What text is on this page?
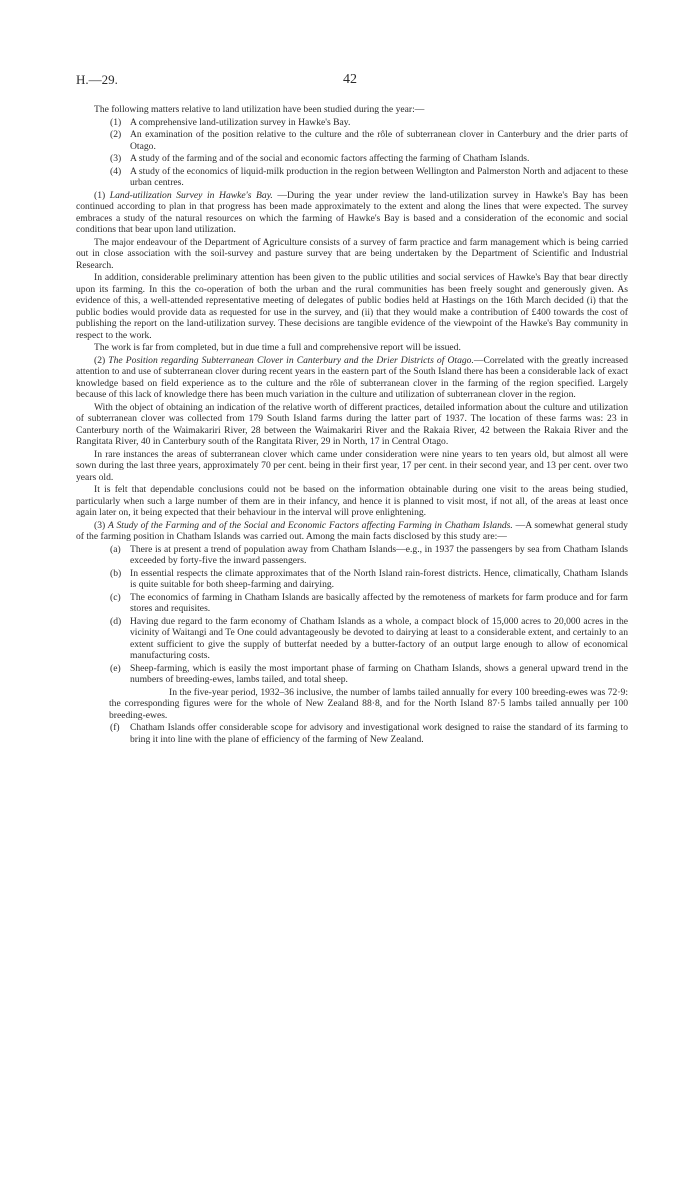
H.—29.	42

The following matters relative to land utilization have been studied during the year:—

(1) A comprehensive land-utilization survey in Hawke's Bay.
(2) An examination of the position relative to the culture and the rôle of subterranean clover in Canterbury and the drier parts of Otago.
(3) A study of the farming and of the social and economic factors affecting the farming of Chatham Islands.
(4) A study of the economics of liquid-milk production in the region between Wellington and Palmerston North and adjacent to these urban centres.

(1) Land-utilization Survey in Hawke's Bay. —During the year under review the land-utilization survey in Hawke's Bay has been continued according to plan in that progress has been made approximately to the extent and along the lines that were expected. The survey embraces a study of the natural resources on which the farming of Hawke's Bay is based and a consideration of the economic and social conditions that bear upon land utilization.

The major endeavour of the Department of Agriculture consists of a survey of farm practice and farm management which is being carried out in close association with the soil-survey and pasture survey that are being undertaken by the Department of Scientific and Industrial Research.

In addition, considerable preliminary attention has been given to the public utilities and social services of Hawke's Bay that bear directly upon its farming. In this the co-operation of both the urban and the rural communities has been freely sought and generously given. As evidence of this, a well-attended representative meeting of delegates of public bodies held at Hastings on the 16th March decided (i) that the public bodies would provide data as requested for use in the survey, and (ii) that they would make a contribution of £400 towards the cost of publishing the report on the land-utilization survey. These decisions are tangible evidence of the viewpoint of the Hawke's Bay community in respect to the work.

The work is far from completed, but in due time a full and comprehensive report will be issued.

(2) The Position regarding Subterranean Clover in Canterbury and the Drier Districts of Otago.—Correlated with the greatly increased attention to and use of subterranean clover during recent years in the eastern part of the South Island there has been a considerable lack of exact knowledge based on field experience as to the culture and the rôle of subterranean clover in the farming of the region specified. Largely because of this lack of knowledge there has been much variation in the culture and utilization of subterranean clover in the region.

With the object of obtaining an indication of the relative worth of different practices, detailed information about the culture and utilization of subterranean clover was collected from 179 South Island farms during the latter part of 1937. The location of these farms was: 23 in Canterbury north of the Waimakariri River, 28 between the Waimakariri River and the Rakaia River, 42 between the Rakaia River and the Rangitata River, 40 in Canterbury south of the Rangitata River, 29 in North, 17 in Central Otago.

In rare instances the areas of subterranean clover which came under consideration were nine years to ten years old, but almost all were sown during the last three years, approximately 70 per cent. being in their first year, 17 per cent. in their second year, and 13 per cent. over two years old.

It is felt that dependable conclusions could not be based on the information obtainable during one visit to the areas being studied, particularly when such a large number of them are in their infancy, and hence it is planned to visit most, if not all, of the areas at least once again later on, it being expected that their behaviour in the interval will prove enlightening.

(3) A Study of the Farming and of the Social and Economic Factors affecting Farming in Chatham Islands. —A somewhat general study of the farming position in Chatham Islands was carried out. Among the main facts disclosed by this study are:—

(a) There is at present a trend of population away from Chatham Islands—e.g., in 1937 the passengers by sea from Chatham Islands exceeded by forty-five the inward passengers.
(b) In essential respects the climate approximates that of the North Island rain-forest districts. Hence, climatically, Chatham Islands is quite suitable for both sheep-farming and dairying.
(c) The economics of farming in Chatham Islands are basically affected by the remoteness of markets for farm produce and for farm stores and requisites.
(d) Having due regard to the farm economy of Chatham Islands as a whole, a compact block of 15,000 acres to 20,000 acres in the vicinity of Waitangi and Te One could advantageously be devoted to dairying at least to a considerable extent, and certainly to an extent sufficient to give the supply of butterfat needed by a butter-factory of an output large enough to allow of economical manufacturing costs.
(e) Sheep-farming, which is easily the most important phase of farming on Chatham Islands, shows a general upward trend in the numbers of breeding-ewes, lambs tailed, and total sheep.

In the five-year period, 1932–36 inclusive, the number of lambs tailed annually for every 100 breeding-ewes was 72·9: the corresponding figures were for the whole of New Zealand 88·8, and for the North Island 87·5 lambs tailed annually per 100 breeding-ewes.

(f)	Chatham Islands offer considerable scope for advisory and investigational work designed to raise the standard of its farming to bring it into line with the plane of efficiency of the farming of New Zealand.
